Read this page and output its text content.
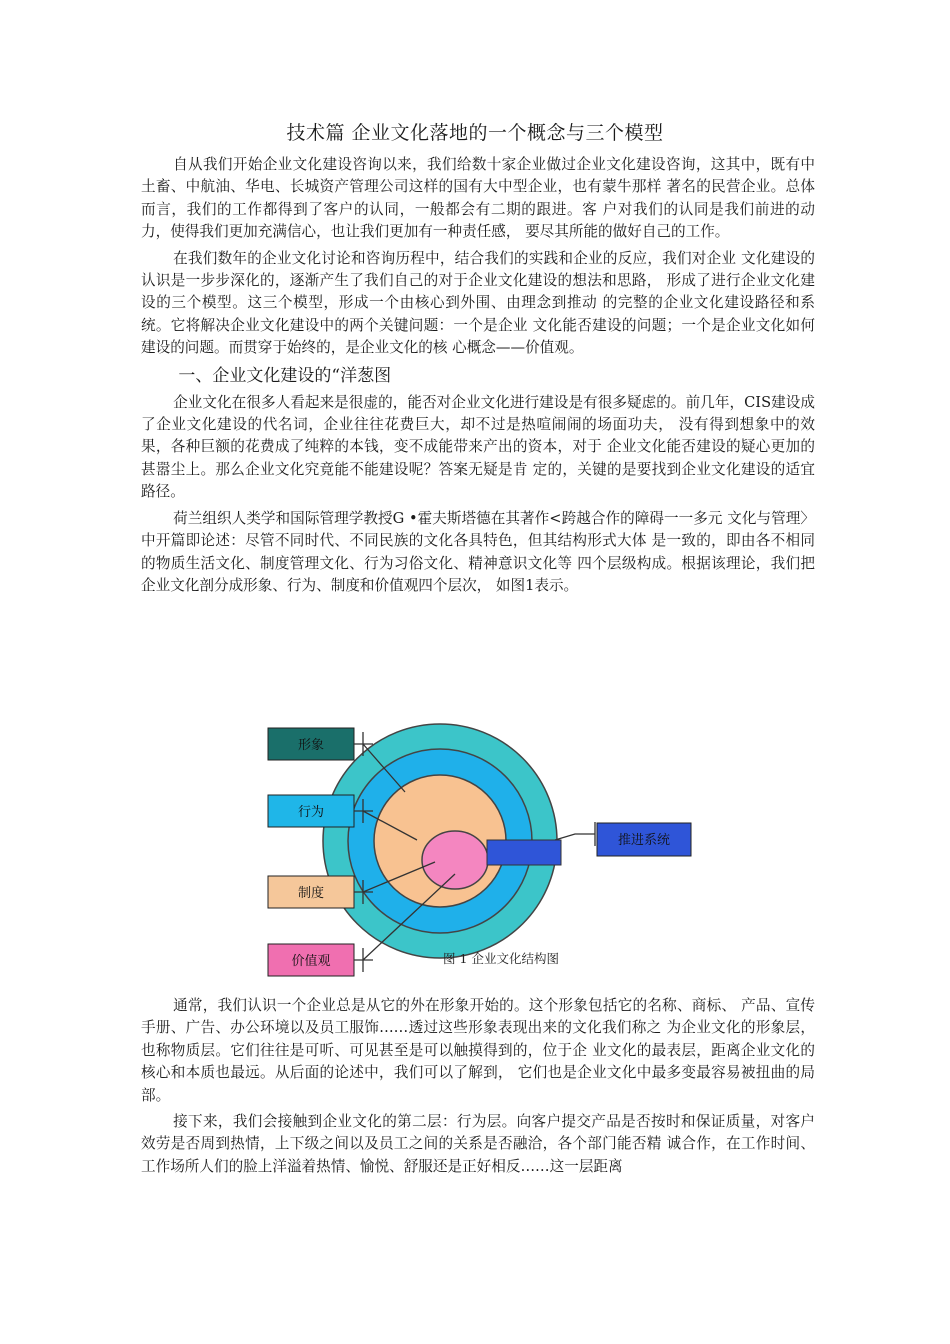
技术篇 企业文化落地的一个概念与三个模型

自从我们开始企业文化建设咨询以来，我们给数十家企业做过企业文化建设咨询，这其中，既有中土畜、中航油、华电、长城资产管理公司这样的国有大中型企业，也有蒙牛那样 著名的民营企业。总体而言，我们的工作都得到了客户的认同，一般都会有二期的跟进。客 户对我们的认同是我们前进的动力，使得我们更加充满信心，也让我们更加有一种责任感， 要尽其所能的做好自己的工作。

在我们数年的企业文化讨论和咨询历程中，结合我们的实践和企业的反应，我们对企业 文化建设的认识是一步步深化的，逐渐产生了我们自己的对于企业文化建设的想法和思路， 形成了进行企业文化建设的三个模型。这三个模型，形成一个由核心到外围、由理念到推动 的完整的企业文化建设路径和系统。它将解决企业文化建设中的两个关键问题：一个是企业 文化能否建设的问题；一个是企业文化如何建设的问题。而贯穿于始终的，是企业文化的核 心概念——价值观。

一、企业文化建设的“洋葱图

企业文化在很多人看起来是很虚的，能否对企业文化进行建设是有很多疑虑的。前几年，CIS建设成了企业文化建设的代名词，企业往往花费巨大，却不过是热喧闹闹的场面功夫， 没有得到想象中的效果，各种巨额的花费成了纯粹的本钱，变不成能带来产出的资本，对于 企业文化能否建设的疑心更加的甚嚣尘上。那么企业文化究竟能不能建设呢？答案无疑是肯 定的，关键的是要找到企业文化建设的适宜路径。

荷兰组织人类学和国际管理学教授G •霍夫斯塔德在其著作<跨越合作的障碍一一多元 文化与管理〉中开篇即论述：尽管不同时代、不同民族的文化各具特色，但其结构形式大体 是一致的，即由各不相同的物质生活文化、制度管理文化、行为习俗文化、精神意识文化等 四个层级构成。根据该理论，我们把企业文化剖分成形象、行为、制度和价值观四个层次， 如图1表示。

形象
行为
制度
价值观
推进系统
图 1 企业文化结构图

通常，我们认识一个企业总是从它的外在形象开始的。这个形象包括它的名称、商标、 产品、宣传手册、广告、办公环境以及员工服饰……透过这些形象表现出来的文化我们称之 为企业文化的形象层，也称物质层。它们往往是可听、可见甚至是可以触摸得到的，位于企 业文化的最表层，距离企业文化的核心和本质也最远。从后面的论述中，我们可以了解到， 它们也是企业文化中最多变最容易被扭曲的局部。

接下来，我们会接触到企业文化的第二层：行为层。向客户提交产品是否按时和保证质量，对客户效劳是否周到热情，上下级之间以及员工之间的关系是否融洽，各个部门能否精 诚合作，在工作时间、工作场所人们的脸上洋溢着热情、愉悦、舒服还是正好相反……这一层距离
